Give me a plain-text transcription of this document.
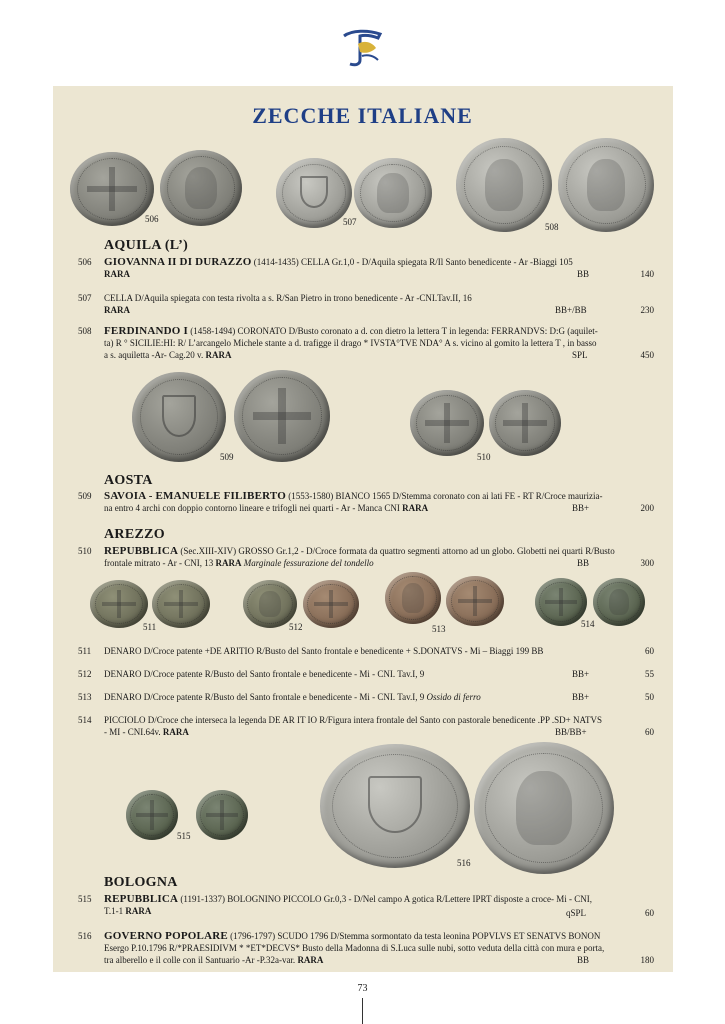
ZECCHE ITALIANE
506	507	508
AQUILA (L’)
506	GIOVANNA II DI DURAZZO (1414-1435) CELLA Gr.1,0 - D/Aquila spiegata R/Il Santo benedicente - Ar -Biaggi 105
RARA	BB	140
507	CELLA D/Aquila spiegata con testa rivolta a s. R/San Pietro in trono benedicente - Ar -CNI.Tav.II, 16
RARA	BB+/BB	230
508	FERDINANDO I (1458-1494) CORONATO D/Busto coronato a d. con dietro la lettera T in legenda: FERRANDVS: D:G (aquilet-
ta) R ° SICILIE:HI: R/ L’arcangelo Michele stante a d. trafigge il drago * IVSTA°TVE NDA° A s. vicino al gomito la lettera T , in basso
a s. aquiletta -Ar- Cag.20 v. RARA	SPL	450
509	510
AOSTA
509	SAVOIA - EMANUELE FILIBERTO (1553-1580) BIANCO 1565 D/Stemma coronato con ai lati FE - RT R/Croce maurizia-
na entro 4 archi con doppio contorno lineare e trifogli nei quarti - Ar - Manca CNI RARA	BB+	200
AREZZO
510	REPUBBLICA (Sec.XIII-XIV) GROSSO Gr.1,2 - D/Croce formata da quattro segmenti attorno ad un globo. Globetti nei quarti R/Busto
frontale mitrato - Ar - CNI, 13 RARA Marginale fessurazione del tondello	BB	300
511	512	513	514
511	DENARO D/Croce patente +DE ARITIO R/Busto del Santo frontale e benedicente + S.DONATVS - Mi – Biaggi 199 BB	60
512	DENARO D/Croce patente R/Busto del Santo frontale e benedicente - Mi - CNI. Tav.I, 9	BB+	55
513	DENARO D/Croce patente R/Busto del Santo frontale e benedicente - Mi - CNI. Tav.I, 9 Ossido di ferro	BB+	50
514	PICCIOLO D/Croce che interseca la legenda DE AR IT IO R/Figura intera frontale del Santo con pastorale benedicente .PP .SD+ NATVS
- MI - CNI.64v. RARA	BB/BB+	60
515
516
BOLOGNA
515	REPUBBLICA (1191-1337) BOLOGNINO PICCOLO Gr.0,3 - D/Nel campo A gotica R/Lettere IPRT disposte a croce- Mi - CNI,
T.1-1 RARA	qSPL	60
516	GOVERNO POPOLARE (1796-1797) SCUDO 1796 D/Stemma sormontato da testa leonina POPVLVS ET SENATVS BONON
Esergo P.10.1796 R/*PRAESIDIVM * *ET*DECVS* Busto della Madonna di S.Luca sulle nubi, sotto veduta della città con mura e porta,
tra alberello e il colle con il Santuario -Ar -P.32a-var. RARA	BB	180
73
